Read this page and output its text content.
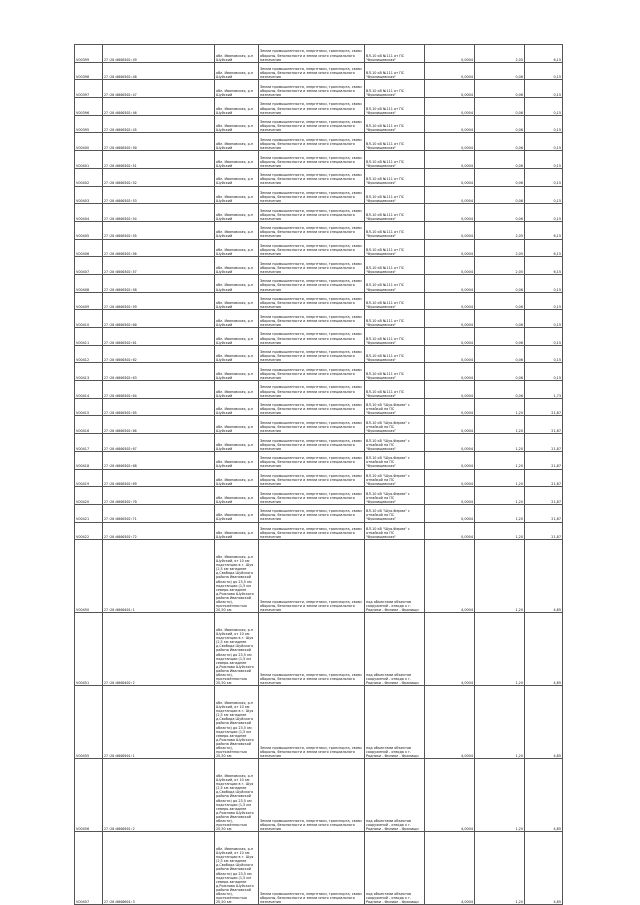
V00399	27:20:0000302:49	обл. Ивановская, р-н Шуйский	Земли промышленности, энергетики, транспорта, связи обороны, безопасности и земли иного специального назначения	ВЛ-10 кВ №111 от ПС "Фролищевская"	0,0004	2,05	6,15
V00398	27:20:0000302:48	обл. Ивановская, р-н Шуйский	Земли промышленности, энергетики, транспорта, связи обороны, безопасности и земли иного специального назначения	ВЛ-10 кВ №111 от ПС "Фролищевская"	0,0004	0,06	0,15
V00397	27:20:0000302:47	обл. Ивановская, р-н Шуйский	Земли промышленности, энергетики, транспорта, связи обороны, безопасности и земли иного специального назначения	ВЛ-10 кВ №111 от ПС "Фролищевская"	0,0004	0,06	0,15
V00396	27:20:0000302:46	обл. Ивановская, р-н Шуйский	Земли промышленности, энергетики, транспорта, связи обороны, безопасности и земли иного специального назначения	ВЛ-10 кВ №111 от ПС "Фролищевская"	0,0004	0,06	0,15
V00395	27:20:0000302:45	обл. Ивановская, р-н Шуйский	Земли промышленности, энергетики, транспорта, связи обороны, безопасности и земли иного специального назначения	ВЛ-10 кВ №111 от ПС "Фролищевская"	0,0004	0,06	0,15
V00400	27:20:0000302:50	обл. Ивановская, р-н Шуйский	Земли промышленности, энергетики, транспорта, связи обороны, безопасности и земли иного специального назначения	ВЛ-10 кВ №111 от ПС "Фролищевская"	0,0004	0,06	0,15
V00401	27:20:0000302:51	обл. Ивановская, р-н Шуйский	Земли промышленности, энергетики, транспорта, связи обороны, безопасности и земли иного специального назначения	ВЛ-10 кВ №111 от ПС "Фролищевская"	0,0004	0,06	0,15
V00402	27:20:0000302:52	обл. Ивановская, р-н Шуйский	Земли промышленности, энергетики, транспорта, связи обороны, безопасности и земли иного специального назначения	ВЛ-10 кВ №111 от ПС "Фролищевская"	0,0004	0,06	0,15
V00403	27:20:0000302:53	обл. Ивановская, р-н Шуйский	Земли промышленности, энергетики, транспорта, связи обороны, безопасности и земли иного специального назначения	ВЛ-10 кВ №111 от ПС "Фролищевская"	0,0004	0,06	0,15
V00404	27:20:0000302:54	обл. Ивановская, р-н Шуйский	Земли промышленности, энергетики, транспорта, связи обороны, безопасности и земли иного специального назначения	ВЛ-10 кВ №111 от ПС "Фролищевская"	0,0004	0,06	0,15
V00405	27:20:0000302:55	обл. Ивановская, р-н Шуйский	Земли промышленности, энергетики, транспорта, связи обороны, безопасности и земли иного специального назначения	ВЛ-10 кВ №111 от ПС "Фролищевская"	0,0004	2,05	6,15
V00406	27:20:0000302:56	обл. Ивановская, р-н Шуйский	Земли промышленности, энергетики, транспорта, связи обороны, безопасности и земли иного специального назначения	ВЛ-10 кВ №111 от ПС "Фролищевская"	0,0004	2,05	6,15
V00407	27:20:0000302:57	обл. Ивановская, р-н Шуйский	Земли промышленности, энергетики, транспорта, связи обороны, безопасности и земли иного специального назначения	ВЛ-10 кВ №111 от ПС "Фролищевская"	0,0004	2,05	6,15
V00408	27:20:0000302:58	обл. Ивановская, р-н Шуйский	Земли промышленности, энергетики, транспорта, связи обороны, безопасности и земли иного специального назначения	ВЛ-10 кВ №111 от ПС "Фролищевская"	0,0004	0,06	0,15
V00409	27:20:0000302:59	обл. Ивановская, р-н Шуйский	Земли промышленности, энергетики, транспорта, связи обороны, безопасности и земли иного специального назначения	ВЛ-10 кВ №111 от ПС "Фролищевская"	0,0004	0,06	0,15
V00410	27:20:0000302:60	обл. Ивановская, р-н Шуйский	Земли промышленности, энергетики, транспорта, связи обороны, безопасности и земли иного специального назначения	ВЛ-10 кВ №111 от ПС "Фролищевская"	0,0004	0,06	0,15
V00411	27:20:0000302:61	обл. Ивановская, р-н Шуйский	Земли промышленности, энергетики, транспорта, связи обороны, безопасности и земли иного специального назначения	ВЛ-10 кВ №111 от ПС "Фролищевская"	0,0004	0,06	0,15
V00412	27:20:0000302:62	обл. Ивановская, р-н Шуйский	Земли промышленности, энергетики, транспорта, связи обороны, безопасности и земли иного специального назначения	ВЛ-10 кВ №111 от ПС "Фролищевская"	0,0004	0,06	0,15
V00413	27:20:0000302:63	обл. Ивановская, р-н Шуйский	Земли промышленности, энергетики, транспорта, связи обороны, безопасности и земли иного специального назначения	ВЛ-10 кВ №111 от ПС "Фролищевская"	0,0004	0,06	0,15
V00414	27:20:0000302:64	обл. Ивановская, р-н Шуйский	Земли промышленности, энергетики, транспорта, связи обороны, безопасности и земли иного специального назначения	ВЛ-10 кВ №111 от ПС "Фролищевская"	0,0004	0,06	1,73
V00415	27:20:0000302:65	обл. Ивановская, р-н Шуйский	Земли промышленности, энергетики, транспорта, связи обороны, безопасности и земли иного специального назначения	ВЛ-10 кВ "Шуя-Ферма" с отпайкой на ПС "Фролищевская"	0,0004	1,20	21,87
V00416	27:20:0000302:66	обл. Ивановская, р-н Шуйский	Земли промышленности, энергетики, транспорта, связи обороны, безопасности и земли иного специального назначения	ВЛ-10 кВ "Шуя-Ферма" с отпайкой на ПС "Фролищевская"	0,0004	1,20	21,87
V00417	27:20:0000302:67	обл. Ивановская, р-н Шуйский	Земли промышленности, энергетики, транспорта, связи обороны, безопасности и земли иного специального назначения	ВЛ-10 кВ "Шуя-Ферма" с отпайкой на ПС "Фролищевская"	0,0004	1,20	21,87
V00418	27:20:0000302:68	обл. Ивановская, р-н Шуйский	Земли промышленности, энергетики, транспорта, связи обороны, безопасности и земли иного специального назначения	ВЛ-10 кВ "Шуя-Ферма" с отпайкой на ПС "Фролищевская"	0,0004	1,20	21,87
V00419	27:20:0000302:69	обл. Ивановская, р-н Шуйский	Земли промышленности, энергетики, транспорта, связи обороны, безопасности и земли иного специального назначения	ВЛ-10 кВ "Шуя-Ферма" с отпайкой на ПС "Фролищевская"	0,0004	1,20	21,87
V00420	27:20:0000302:70	обл. Ивановская, р-н Шуйский	Земли промышленности, энергетики, транспорта, связи обороны, безопасности и земли иного специального назначения	ВЛ-10 кВ "Шуя-Ферма" с отпайкой на ПС "Фролищевская"	0,0004	1,20	21,87
V00421	27:20:0000302:71	обл. Ивановская, р-н Шуйский	Земли промышленности, энергетики, транспорта, связи обороны, безопасности и земли иного специального назначения	ВЛ-10 кВ "Шуя-Ферма" с отпайкой на ПС "Фролищевская"	0,0004	1,20	21,87
V00422	27:20:0000302:72	обл. Ивановская, р-н Шуйский	Земли промышленности, энергетики, транспорта, связи обороны, безопасности и земли иного специального назначения	ВЛ-10 кВ "Шуя-Ферма" с отпайкой на ПС "Фролищевская"	0,0004	1,20	21,87
V00450	27:20:0000401:1	обл. Ивановская, р-н Шуйский, от 10 км подстанции в г. Шуя (2,5 км западнее д.Свобода Шуйского района Ивановской области) до 23,5 км подстанции (1,5 км северо-западнее д.Рожново Шуйского района Ивановской области), протяжённостью 20,50 км	Земли промышленности, энергетики, транспорта, связи обороны, безопасности и земли иного специального назначения	под объектами объектов сооружений - отвода к г. Родники - Филиал - Фролищи	4,0004	1,20	4,85
V00451	27:20:0000402:2	обл. Ивановская, р-н Шуйский, от 10 км подстанции в г. Шуя (2,5 км западнее д.Свобода Шуйского района Ивановской области) до 23,5 км подстанции (1,5 км северо-западнее д.Рожново Шуйского района Ивановской области), протяжённостью 20,50 км	Земли промышленности, энергетики, транспорта, связи обороны, безопасности и земли иного специального назначения	под объектами объектов сооружений - отвода к г. Родники - Филиал - Фролищи	4,0004	1,20	4,85
V00455	27:20:0000501:1	обл. Ивановская, р-н Шуйский, от 10 км подстанции в г. Шуя (2,5 км западнее д.Свобода Шуйского района Ивановской области) до 23,5 км подстанции (1,5 км северо-западнее д.Рожново Шуйского района Ивановской области), протяжённостью 20,50 км	Земли промышленности, энергетики, транспорта, связи обороны, безопасности и земли иного специального назначения	под объектами объектов сооружений - отвода к г. Родники - Филиал - Фролищи	4,0004	1,20	4,85
V00456	27:20:0000501:2	обл. Ивановская, р-н Шуйский, от 10 км подстанции в г. Шуя (2,5 км западнее д.Свобода Шуйского района Ивановской области) до 23,5 км подстанции (1,5 км северо-западнее д.Рожново Шуйского района Ивановской области), протяжённостью 20,50 км	Земли промышленности, энергетики, транспорта, связи обороны, безопасности и земли иного специального назначения	под объектами объектов сооружений - отвода к г. Родники - Филиал - Фролищи	4,0004	1,20	4,85
V00457	27:20:0000601:3	обл. Ивановская, р-н Шуйский, от 10 км подстанции в г. Шуя (2,5 км западнее д.Свобода Шуйского района Ивановской области) до 23,5 км подстанции (1,5 км северо-западнее д.Рожново Шуйского района Ивановской области), протяжённостью 20,50 км	Земли промышленности, энергетики, транспорта, связи обороны, безопасности и земли иного специального назначения	под объектами объектов сооружений - отвода к г. Родники - Филиал - Фролищи	4,0004	1,20	4,85
